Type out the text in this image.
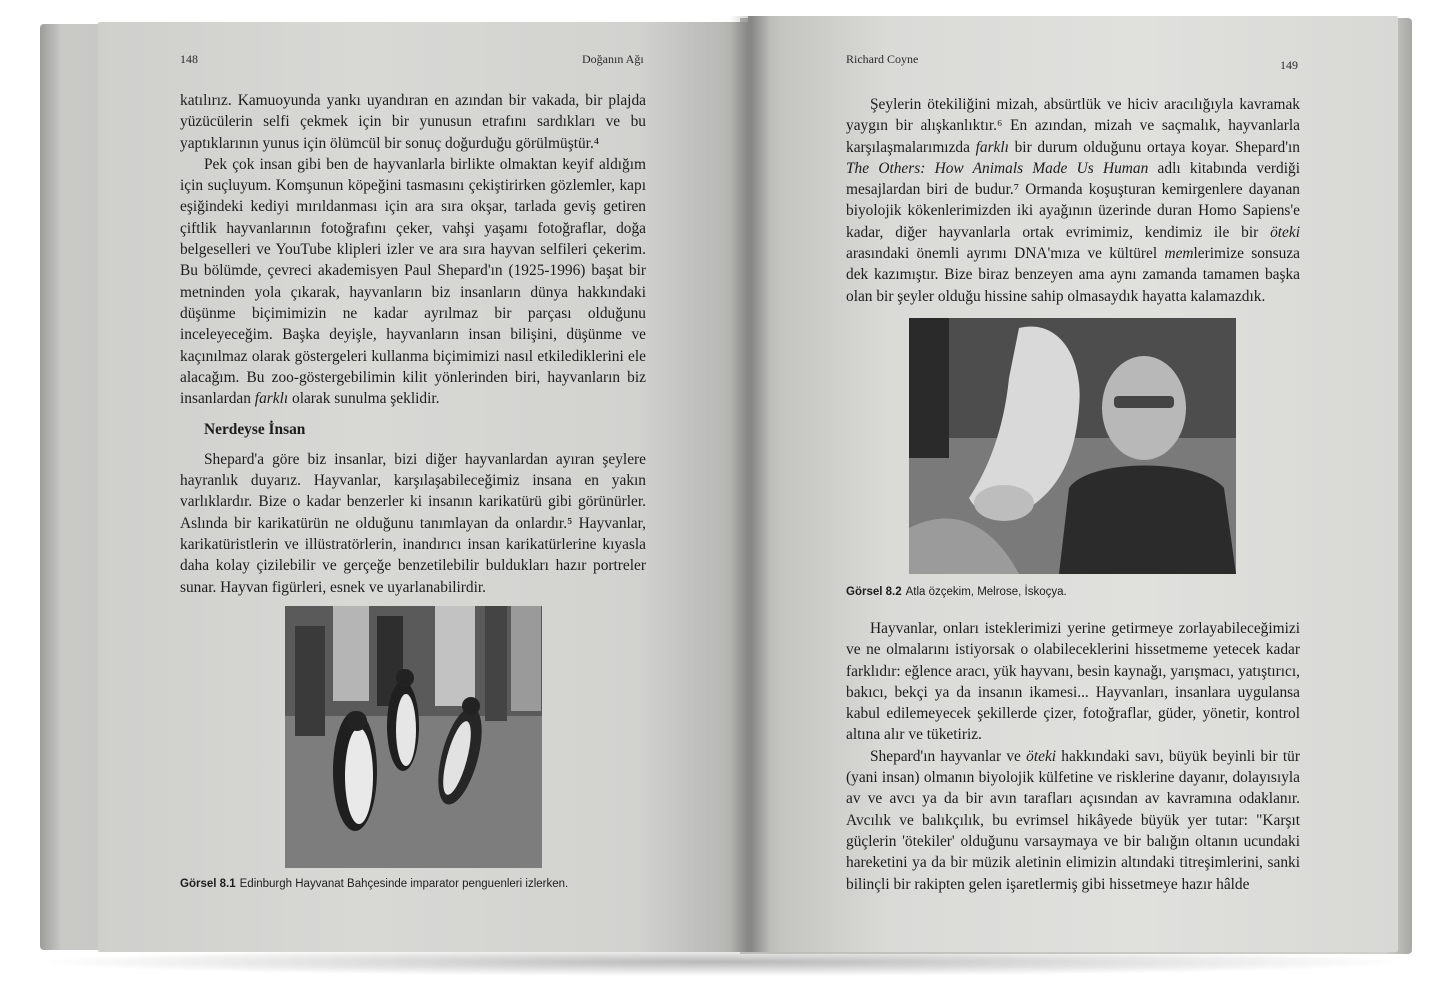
148	Doğanın Ağı

katılırız. Kamuoyunda yankı uyandıran en azından bir vakada, bir plajda yüzücülerin selfi çekmek için bir yunusun etrafını sardıkları ve bu yaptıklarının yunus için ölümcül bir sonuç doğurduğu görülmüştür.⁴

Pek çok insan gibi ben de hayvanlarla birlikte olmaktan keyif aldığım için suçluyum. Komşunun köpeğini tasmasını çekiştirirken gözlemler, kapı eşiğindeki kediyi mırıldanması için ara sıra okşar, tarlada geviş getiren çiftlik hayvanlarının fotoğrafını çeker, vahşi yaşamı fotoğraflar, doğa belgeselleri ve YouTube klipleri izler ve ara sıra hayvan selfileri çekerim. Bu bölümde, çevreci akademisyen Paul Shepard'ın (1925-1996) başat bir metninden yola çıkarak, hayvanların biz insanların dünya hakkındaki düşünme biçimimizin ne kadar ayrılmaz bir parçası olduğunu inceleyeceğim. Başka deyişle, hayvanların insan bilişini, düşünme ve kaçınılmaz olarak göstergeleri kullanma biçimimizi nasıl etkilediklerini ele alacağım. Bu zoo-göstergebilimin kilit yönlerinden biri, hayvanların biz insanlardan farklı olarak sunulma şeklidir.

Nerdeyse İnsan

Shepard'a göre biz insanlar, bizi diğer hayvanlardan ayıran şeylere hayranlık duyarız. Hayvanlar, karşılaşabileceğimiz insana en yakın varlıklardır. Bize o kadar benzerler ki insanın karikatürü gibi görünürler. Aslında bir karikatürün ne olduğunu tanımlayan da onlardır.⁵ Hayvanlar, karikatüristlerin ve illüstratörlerin, inandırıcı insan karikatürlerine kıyasla daha kolay çizilebilir ve gerçeğe benzetilebilir buldukları hazır portreler sunar. Hayvan figürleri, esnek ve uyarlanabilirdir.

Görsel 8.1 Edinburgh Hayvanat Bahçesinde imparator penguenleri izlerken.
Richard Coyne	149

Şeylerin ötekiliğini mizah, absürtlük ve hiciv aracılığıyla kavramak yaygın bir alışkanlıktır.⁶ En azından, mizah ve saçmalık, hayvanlarla karşılaşmalarımızda farklı bir durum olduğunu ortaya koyar. Shepard'ın The Others: How Animals Made Us Human adlı kitabında verdiği mesajlardan biri de budur.⁷ Ormanda koşuşturan kemirgenlere dayanan biyolojik kökenlerimizden iki ayağının üzerinde duran Homo Sapiens'e kadar, diğer hayvanlarla ortak evrimimiz, kendimiz ile bir öteki arasındaki önemli ayrımı DNA'mıza ve kültürel memlerimize sonsuza dek kazımıştır. Bize biraz benzeyen ama aynı zamanda tamamen başka olan bir şeyler olduğu hissine sahip olmasaydık hayatta kalamazdık.

Görsel 8.2 Atla özçekim, Melrose, İskoçya.

Hayvanlar, onları isteklerimizi yerine getirmeye zorlayabileceğimizi ve ne olmalarını istiyorsak o olabileceklerini hissetmeme yetecek kadar farklıdır: eğlence aracı, yük hayvanı, besin kaynağı, yarışmacı, yatıştırıcı, bakıcı, bekçi ya da insanın ikamesi... Hayvanları, insanlara uygulansa kabul edilemeyecek şekillerde çizer, fotoğraflar, güder, yönetir, kontrol altına alır ve tüketiriz.

Shepard'ın hayvanlar ve öteki hakkındaki savı, büyük beyinli bir tür (yani insan) olmanın biyolojik külfetine ve risklerine dayanır, dolayısıyla av ve avcı ya da bir avın tarafları açısından av kavramına odaklanır. Avcılık ve balıkçılık, bu evrimsel hikâyede büyük yer tutar: "Karşıt güçlerin 'ötekiler' olduğunu varsaymaya ve bir balığın oltanın ucundaki hareketini ya da bir müzik aletinin elimizin altındaki titreşimlerini, sanki bilinçli bir rakipten gelen işaretlermiş gibi hissetmeye hazır hâlde
